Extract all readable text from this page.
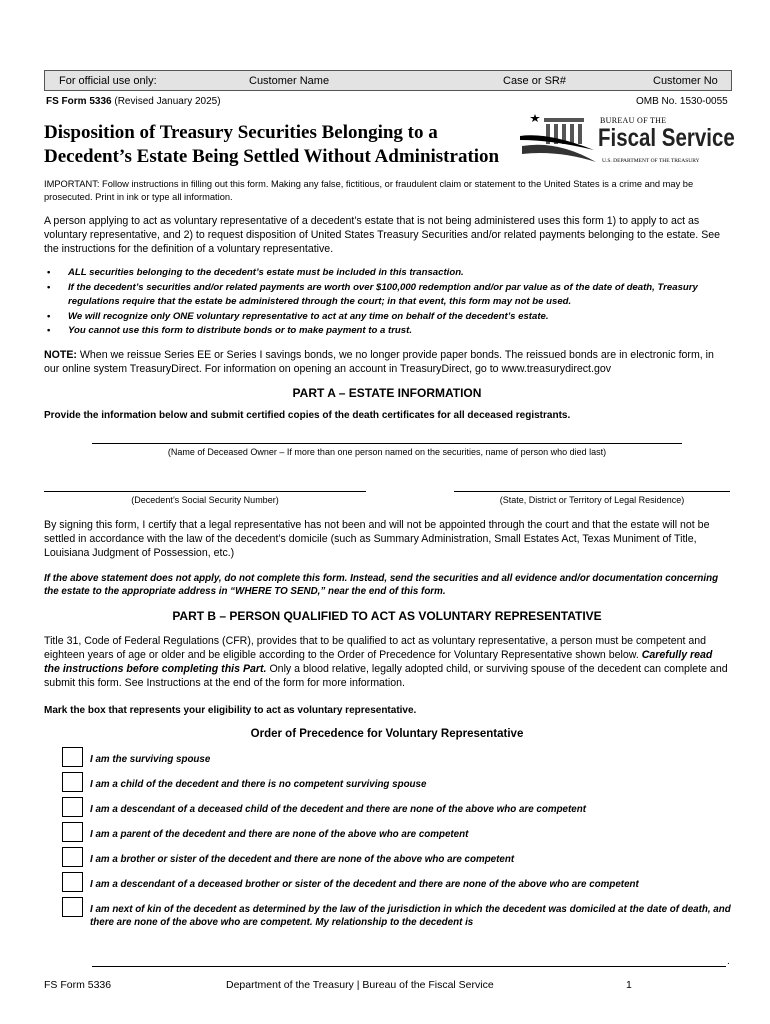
For official use only:	Customer Name	Case or SR#	Customer No
FS Form 5336 (Revised January 2025)	OMB No. 1530-0055
Disposition of Treasury Securities Belonging to a
Decedent’s Estate Being Settled Without Administration
BUREAU OF THE
Fiscal Service
U.S. DEPARTMENT OF THE TREASURY
IMPORTANT: Follow instructions in filling out this form. Making any false, fictitious, or fraudulent claim or statement to the United States is a crime and may be prosecuted. Print in ink or type all information.
A person applying to act as voluntary representative of a decedent’s estate that is not being administered uses this form 1) to apply to act as voluntary representative, and 2) to request disposition of United States Treasury Securities and/or related payments belonging to the estate. See the instructions for the definition of a voluntary representative.
• ALL securities belonging to the decedent’s estate must be included in this transaction.
• If the decedent’s securities and/or related payments are worth over $100,000 redemption and/or par value as of the date of death, Treasury regulations require that the estate be administered through the court; in that event, this form may not be used.
• We will recognize only ONE voluntary representative to act at any time on behalf of the decedent’s estate.
• You cannot use this form to distribute bonds or to make payment to a trust.
NOTE: When we reissue Series EE or Series I savings bonds, we no longer provide paper bonds. The reissued bonds are in electronic form, in our online system TreasuryDirect. For information on opening an account in TreasuryDirect, go to www.treasurydirect.gov
PART A – ESTATE INFORMATION
Provide the information below and submit certified copies of the death certificates for all deceased registrants.
(Name of Deceased Owner – If more than one person named on the securities, name of person who died last)
(Decedent’s Social Security Number)	(State, District or Territory of Legal Residence)
By signing this form, I certify that a legal representative has not been and will not be appointed through the court and that the estate will not be settled in accordance with the law of the decedent’s domicile (such as Summary Administration, Small Estates Act, Texas Muniment of Title, Louisiana Judgment of Possession, etc.)
If the above statement does not apply, do not complete this form. Instead, send the securities and all evidence and/or documentation concerning the estate to the appropriate address in “WHERE TO SEND,” near the end of this form.
PART B – PERSON QUALIFIED TO ACT AS VOLUNTARY REPRESENTATIVE
Title 31, Code of Federal Regulations (CFR), provides that to be qualified to act as voluntary representative, a person must be competent and eighteen years of age or older and be eligible according to the Order of Precedence for Voluntary Representative shown below. Carefully read the instructions before completing this Part. Only a blood relative, legally adopted child, or surviving spouse of the decedent can complete and submit this form. See Instructions at the end of the form for more information.
Mark the box that represents your eligibility to act as voluntary representative.
Order of Precedence for Voluntary Representative
I am the surviving spouse
I am a child of the decedent and there is no competent surviving spouse
I am a descendant of a deceased child of the decedent and there are none of the above who are competent
I am a parent of the decedent and there are none of the above who are competent
I am a brother or sister of the decedent and there are none of the above who are competent
I am a descendant of a deceased brother or sister of the decedent and there are none of the above who are competent
I am next of kin of the decedent as determined by the law of the jurisdiction in which the decedent was domiciled at the date of death, and there are none of the above who are competent. My relationship to the decedent is
.
FS Form 5336	Department of the Treasury | Bureau of the Fiscal Service	1
